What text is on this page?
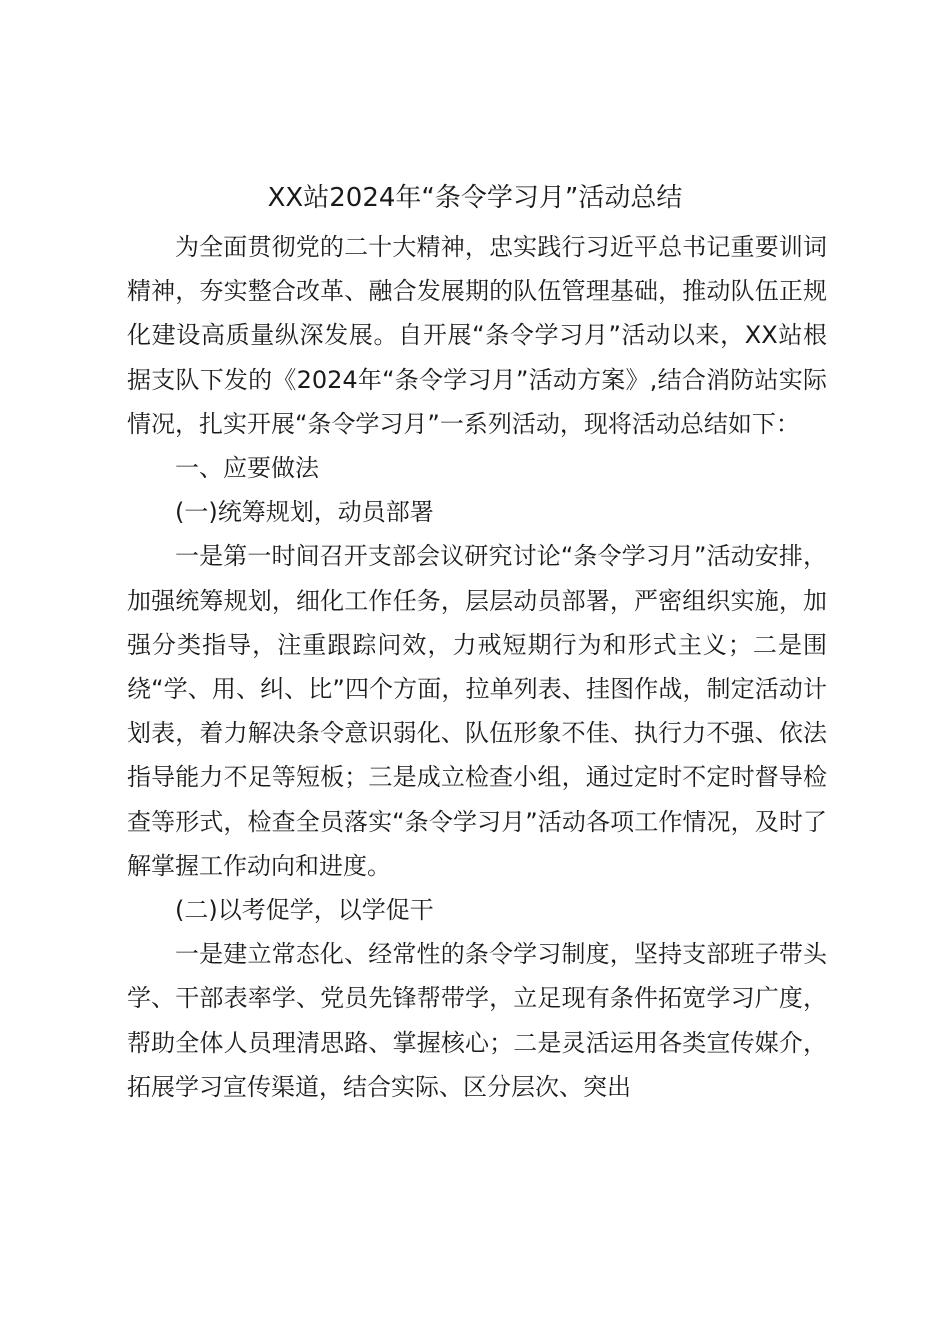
XX站2024年“条令学习月”活动总结

为全面贯彻党的二十大精神，忠实践行习近平总书记重要训词精神，夯实整合改革、融合发展期的队伍管理基础，推动队伍正规化建设高质量纵深发展。自开展“条令学习月”活动以来，XX站根据支队下发的《2024年“条令学习月”活动方案》,结合消防站实际情况，扎实开展“条令学习月”一系列活动，现将活动总结如下：

一、应要做法

(一)统筹规划，动员部署

一是第一时间召开支部会议研究讨论“条令学习月”活动安排，加强统筹规划，细化工作任务，层层动员部署，严密组织实施，加强分类指导，注重跟踪问效，力戒短期行为和形式主义；二是围绕“学、用、纠、比”四个方面，拉单列表、挂图作战，制定活动计划表，着力解决条令意识弱化、队伍形象不佳、执行力不强、依法指导能力不足等短板；三是成立检查小组，通过定时不定时督导检查等形式，检查全员落实“条令学习月”活动各项工作情况，及时了解掌握工作动向和进度。

(二)以考促学，以学促干

一是建立常态化、经常性的条令学习制度，坚持支部班子带头学、干部表率学、党员先锋帮带学，立足现有条件拓宽学习广度，帮助全体人员理清思路、掌握核心；二是灵活运用各类宣传媒介，拓展学习宣传渠道，结合实际、区分层次、突出
